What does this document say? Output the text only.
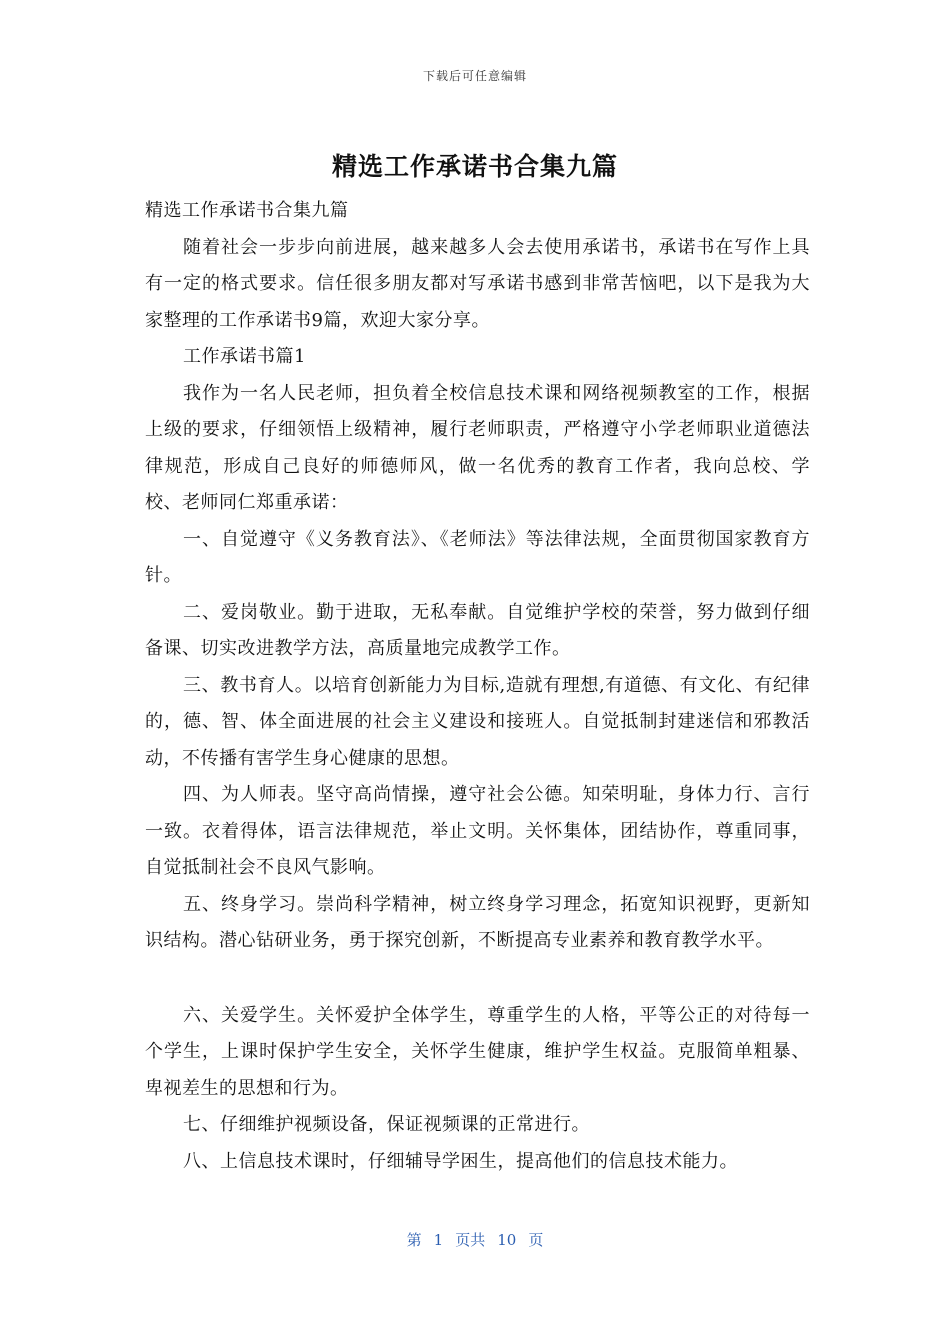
下载后可任意编辑
精选工作承诺书合集九篇

精选工作承诺书合集九篇

随着社会一步步向前进展，越来越多人会去使用承诺书，承诺书在写作上具有一定的格式要求。信任很多朋友都对写承诺书感到非常苦恼吧，以下是我为大家整理的工作承诺书9篇，欢迎大家分享。

工作承诺书篇1

我作为一名人民老师，担负着全校信息技术课和网络视频教室的工作，根据上级的要求，仔细领悟上级精神，履行老师职责，严格遵守小学老师职业道德法律规范，形成自己良好的师德师风，做一名优秀的教育工作者，我向总校、学校、老师同仁郑重承诺：

一、自觉遵守《义务教育法》、《老师法》等法律法规，全面贯彻国家教育方针。

二、爱岗敬业。勤于进取，无私奉献。自觉维护学校的荣誉，努力做到仔细备课、切实改进教学方法，高质量地完成教学工作。

三、教书育人。以培育创新能力为目标,造就有理想,有道德、有文化、有纪律的，德、智、体全面进展的社会主义建设和接班人。自觉抵制封建迷信和邪教活动，不传播有害学生身心健康的思想。

四、为人师表。坚守高尚情操，遵守社会公德。知荣明耻，身体力行、言行一致。衣着得体，语言法律规范，举止文明。关怀集体，团结协作，尊重同事，自觉抵制社会不良风气影响。

五、终身学习。崇尚科学精神，树立终身学习理念，拓宽知识视野，更新知识结构。潜心钻研业务，勇于探究创新，不断提高专业素养和教育教学水平。

六、关爱学生。关怀爱护全体学生，尊重学生的人格，平等公正的对待每一个学生，上课时保护学生安全，关怀学生健康，维护学生权益。克服简单粗暴、卑视差生的思想和行为。

七、仔细维护视频设备，保证视频课的正常进行。

八、上信息技术课时，仔细辅导学困生，提高他们的信息技术能力。

第 1 页共 10 页
